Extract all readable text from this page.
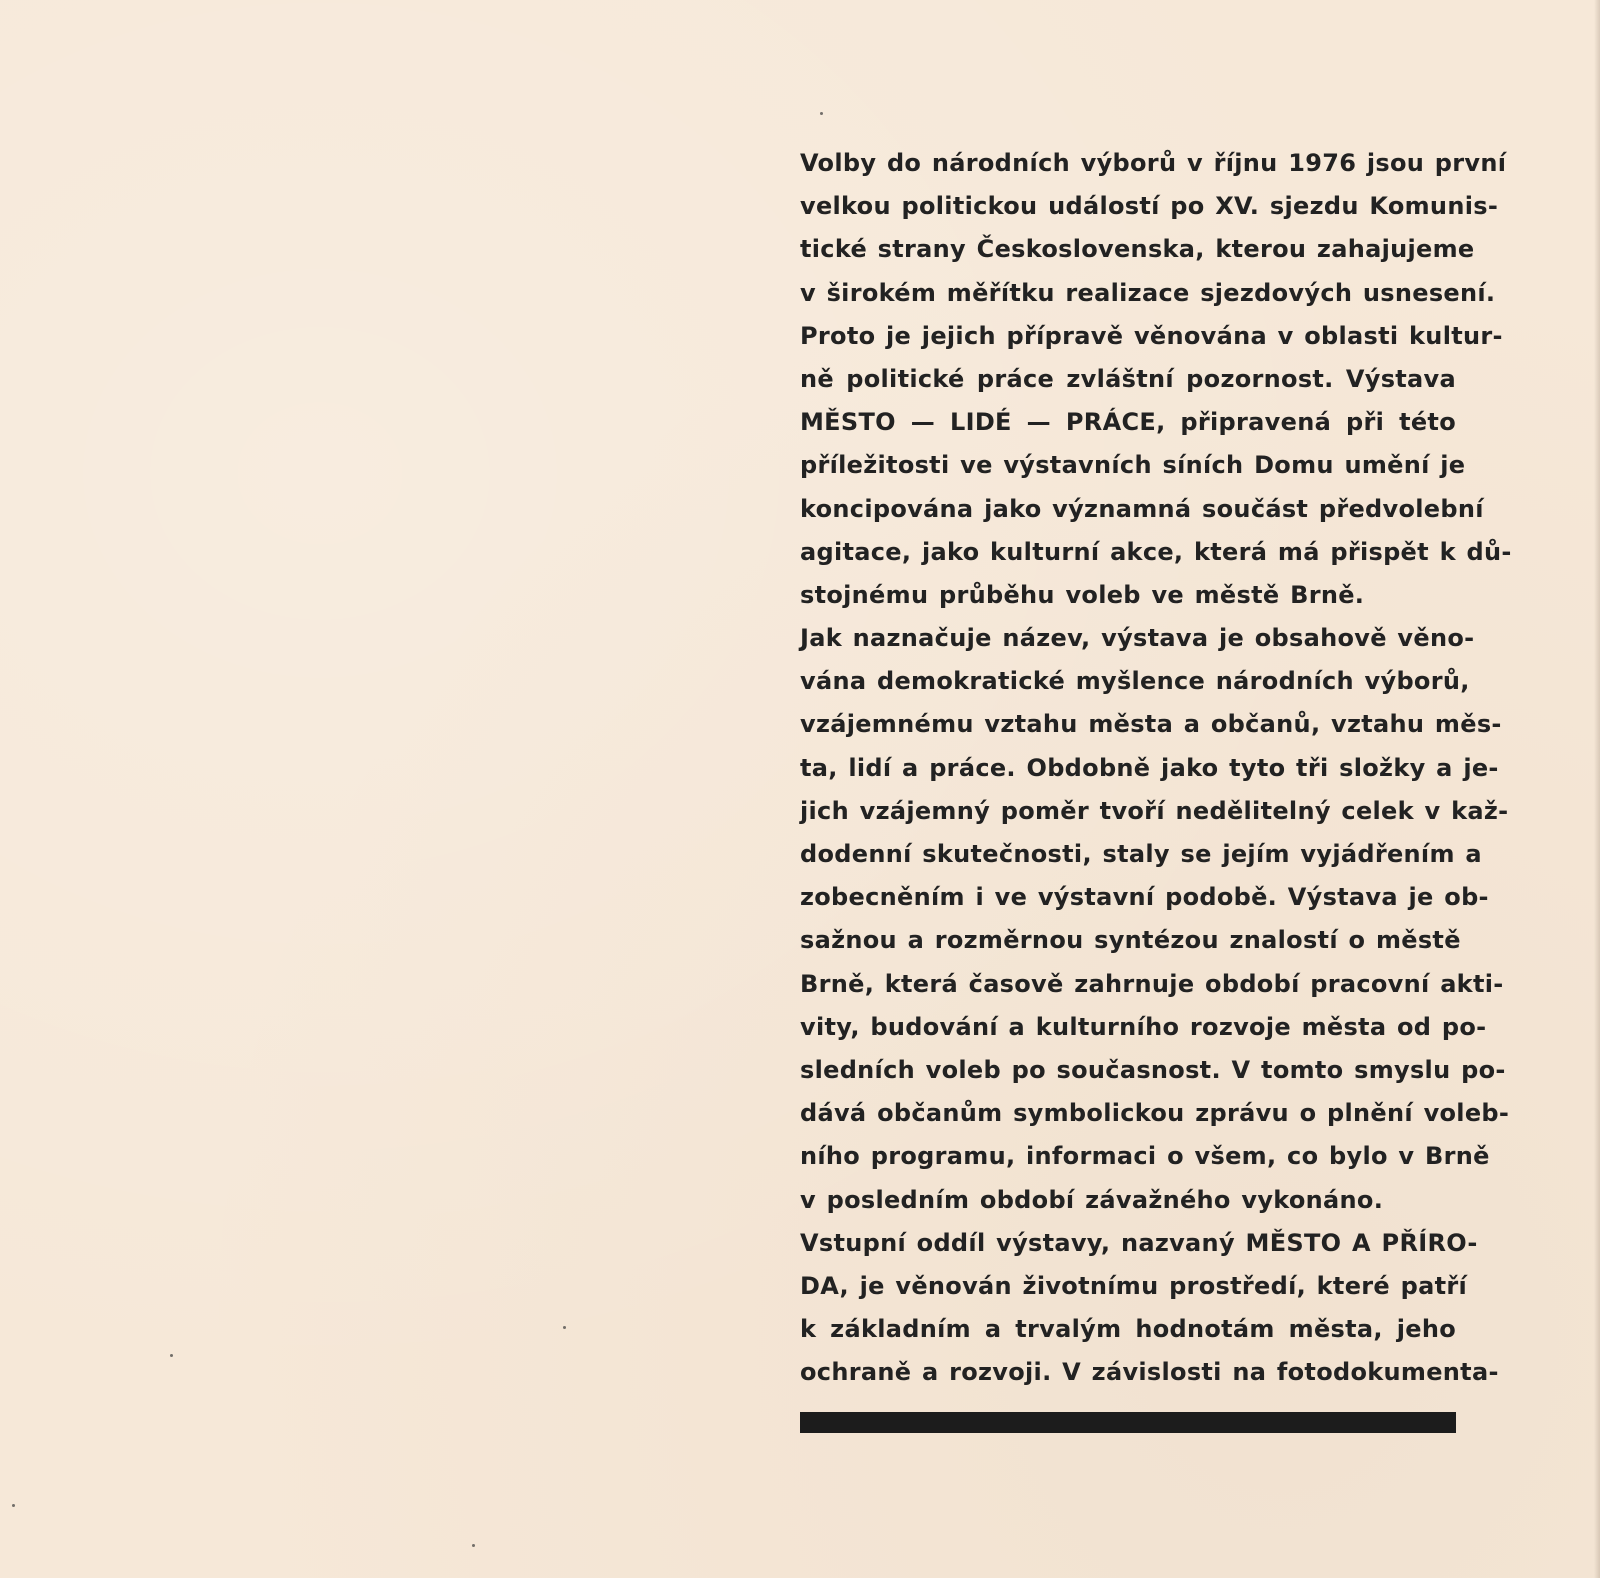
Volby do národních výborů v říjnu 1976 jsou první
velkou politickou událostí po XV. sjezdu Komunis-
tické strany Československa, kterou zahajujeme
v širokém měřítku realizace sjezdových usnesení.
Proto je jejich přípravě věnována v oblasti kultur-
ně politické práce zvláštní pozornost. Výstava
MĚSTO — LIDÉ — PRÁCE, připravená při této
příležitosti ve výstavních síních Domu umění je
koncipována jako významná součást předvolební
agitace, jako kulturní akce, která má přispět k dů-
stojnému průběhu voleb ve městě Brně.
Jak naznačuje název, výstava je obsahově věno-
vána demokratické myšlence národních výborů,
vzájemnému vztahu města a občanů, vztahu měs-
ta, lidí a práce. Obdobně jako tyto tři složky a je-
jich vzájemný poměr tvoří nedělitelný celek v kaž-
dodenní skutečnosti, staly se jejím vyjádřením a
zobecněním i ve výstavní podobě. Výstava je ob-
sažnou a rozměrnou syntézou znalostí o městě
Brně, která časově zahrnuje období pracovní akti-
vity, budování a kulturního rozvoje města od po-
sledních voleb po současnost. V tomto smyslu po-
dává občanům symbolickou zprávu o plnění voleb-
ního programu, informaci o všem, co bylo v Brně
v posledním období závažného vykonáno.
Vstupní oddíl výstavy, nazvaný MĚSTO A PŘÍRO-
DA, je věnován životnímu prostředí, které patří
k základním a trvalým hodnotám města, jeho
ochraně a rozvoji. V závislosti na fotodokumenta-
